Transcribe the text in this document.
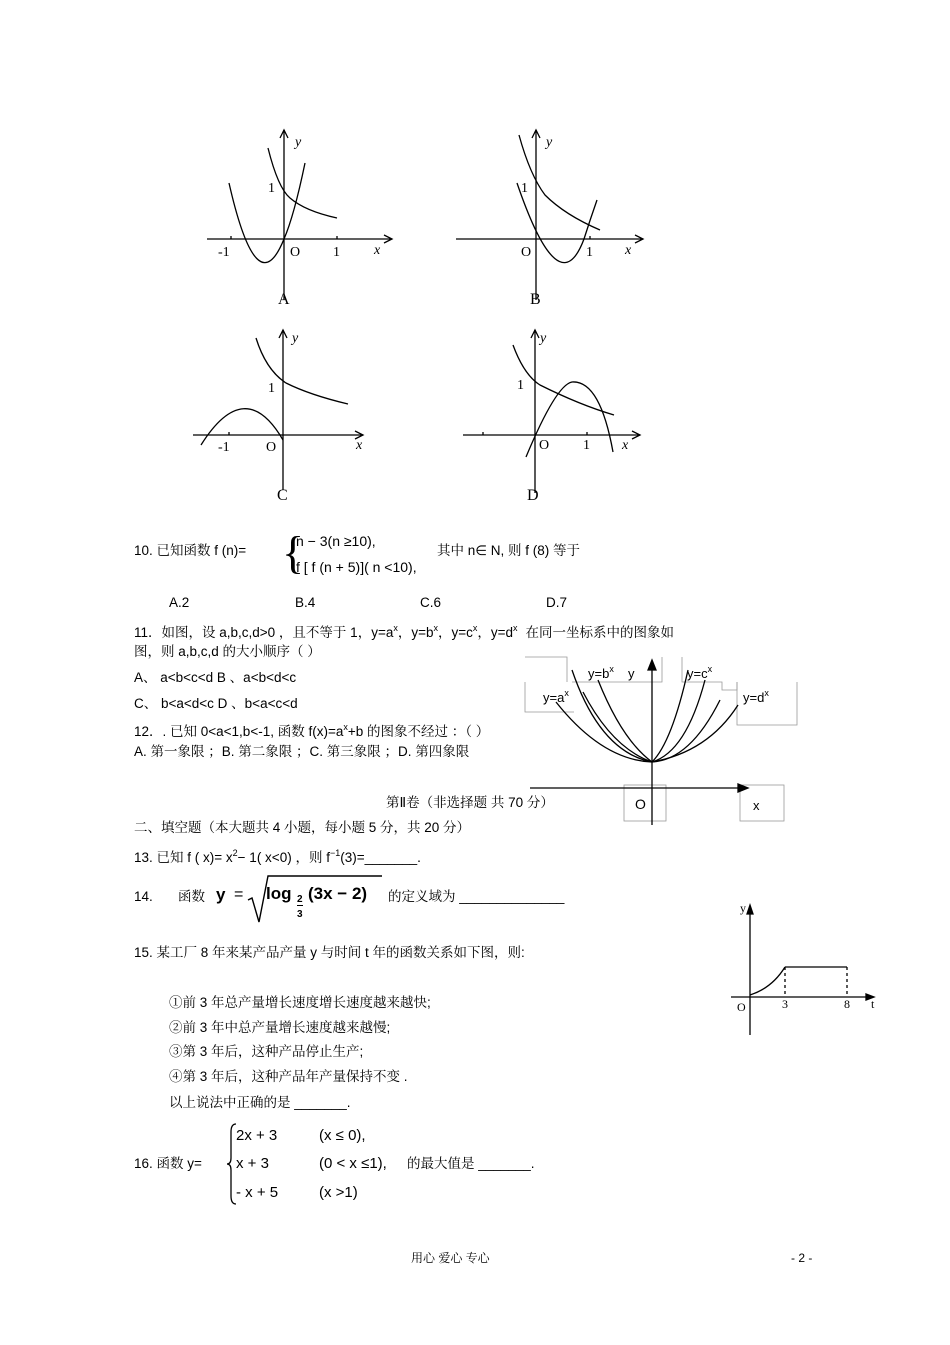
y
1
-1	O 1 x
A
y
1
O	1 x
B
y
1
-1	O	x
C
y
1
O 1 x
D
10. 已知函数 f (n)= {
n − 3(n ≥10),
f [ f (n + 5)]( n <10),
其中 n∈ N, 则 f (8) 等于
A.2	B.4	C.6	D.7
11．如图，设 a,b,c,d>0 ，且不等于 1，$y=a^x$，$y=b^x$，$y=c^x$，$y=d^x$ 在同一坐标系中的图象如
图，则 a,b,c,d 的大小顺序（ ）
A、 a<b<c<d B 、a<b<d<c
C、 b<a<d<c D 、b<a<c<d
$y=b^x$ y	$y=c^x$
$y=a^x$	$y=d^x$
O	x
12．. 已知 0<a<1,b<-1, 函数 $f(x)=a^x+b$ 的图象不经过 ：（ ）
A. 第一象限 ；B. 第二象限 ；C. 第三象限 ；D. 第四象限
第Ⅱ卷（非选择题 共 70 分）
二、填空题（本大题共 4 小题，每小题 5 分，共 20 分）
13. 已知 f ( $x)= x^2- 1$( x<0) ，则 $f^{-1}(3)=\_\_\_\_\_\_\_$.
14. 函数 y = log 2
3
(3x − 2) 的定义域为 ______________
15. 某工厂 8 年来某产品产量 y 与时间 t 年的函数关系如下图，则:
①前 3 年总产量增长速度增长速度越来越快;
②前 3 年中总产量增长速度越来越慢;
③第 3 年后，这种产品停止生产;
④第 3 年后，这种产品年产量保持不变 .
以上说法中正确的是 _______.
y
O	3	8 t
16. 函数 y=
2x + 3	(x ≤ 0),
x + 3	(0 < x ≤1),
- x + 5	(x >1)
的最大值是 _______.
用心 爱心 专心	- 2 -
